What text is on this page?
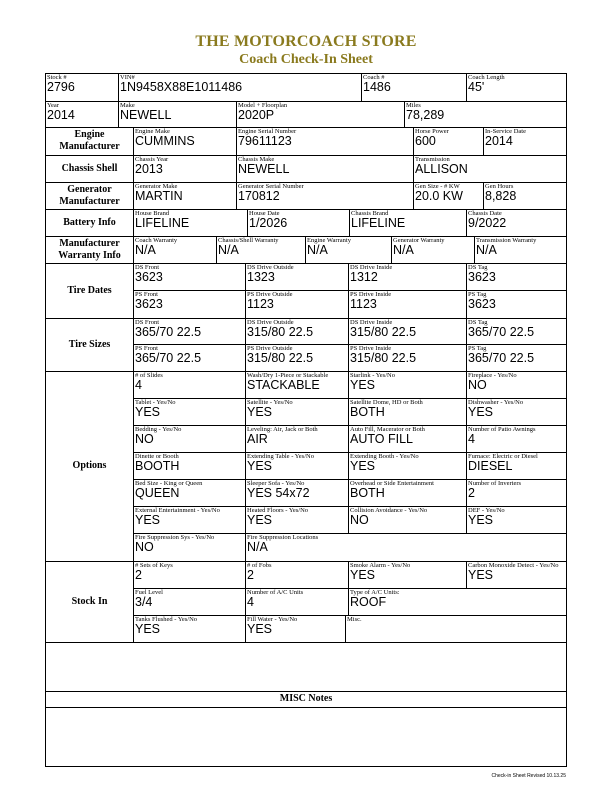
THE MOTORCOACH STORE
Coach Check-In Sheet
Stock #
2796
VIN#
1N9458X88E1011486
Coach #
1486
Coach Length
45'
Year
2014
Make
NEWELL
Model + Floorplan
2020P
Miles
78,289
Engine Manufacturer
Engine Make
CUMMINS
Engine Serial Number
79611123
Horse Power
600
In-Service Date
2014
Chassis Shell
Chassis Year
2013
Chassis Make
NEWELL
Transmission
ALLISON
Generator Manufacturer
Generator Make
MARTIN
Generator Serial Number
170812
Gen Size - # KW
20.0 KW
Gen Hours
8,828
Battery Info
House Brand
LIFELINE
House Date
1/2026
Chassis Brand
LIFELINE
Chassis Date
9/2022
Manufacturer Warranty Info
Coach Warranty
N/A
Chassis/Shell Warranty
N/A
Engine Warranty
N/A
Generator Warranty
N/A
Transmission Warranty
N/A
Tire Dates
DS Front
3623
DS Drive Outside
1323
DS Drive Inside
1312
DS Tag
3623
PS Front
3623
PS Drive Outside
1123
PS Drive Inside
1123
PS Tag
3623
Tire Sizes
DS Front
365/70 22.5
DS Drive Outside
315/80 22.5
DS Drive Inside
315/80 22.5
DS Tag
365/70 22.5
PS Front
365/70 22.5
PS Drive Outside
315/80 22.5
PS Drive Inside
315/80 22.5
PS Tag
365/70 22.5
Options
# of Slides
4
Wash/Dry 1-Piece or Stackable
STACKABLE
Starlink - Yes/No
YES
Fireplace - Yes/No
NO
Tablet - Yes/No
YES
Satellite - Yes/No
YES
Satellite Dome, HD or Both
BOTH
Dishwasher - Yes/No
YES
Bedding - Yes/No
NO
Leveling: Air, Jack or Both
AIR
Auto Fill, Macerator or Both
AUTO FILL
Number of Patio Awnings
4
Dinette or Booth
BOOTH
Extending Table - Yes/No
YES
Extending Booth - Yes/No
YES
Furnace: Electric or Diesel
DIESEL
Bed Size - King or Queen
QUEEN
Sleeper Sofa - Yes/No
YES 54x72
Overhead or Side Entertainment
BOTH
Number of Inverters
2
External Entertainment - Yes/No
YES
Heated Floors - Yes/No
YES
Collision Avoidance - Yes/No
NO
DEF - Yes/No
YES
Fire Suppression Sys - Yes/No
NO
Fire Suppression Locations
N/A
Stock In
# Sets of Keys
2
# of Fobs
2
Smoke Alarm - Yes/No
YES
Carbon Monoxide Detect - Yes/No
YES
Fuel Level
3/4
Number of A/C Units
4
Type of A/C Units:
ROOF
Tanks Flushed - Yes/No
YES
Fill Water - Yes/No
YES
Misc.
MISC Notes
Check-in Sheet Revised 10.13.25
